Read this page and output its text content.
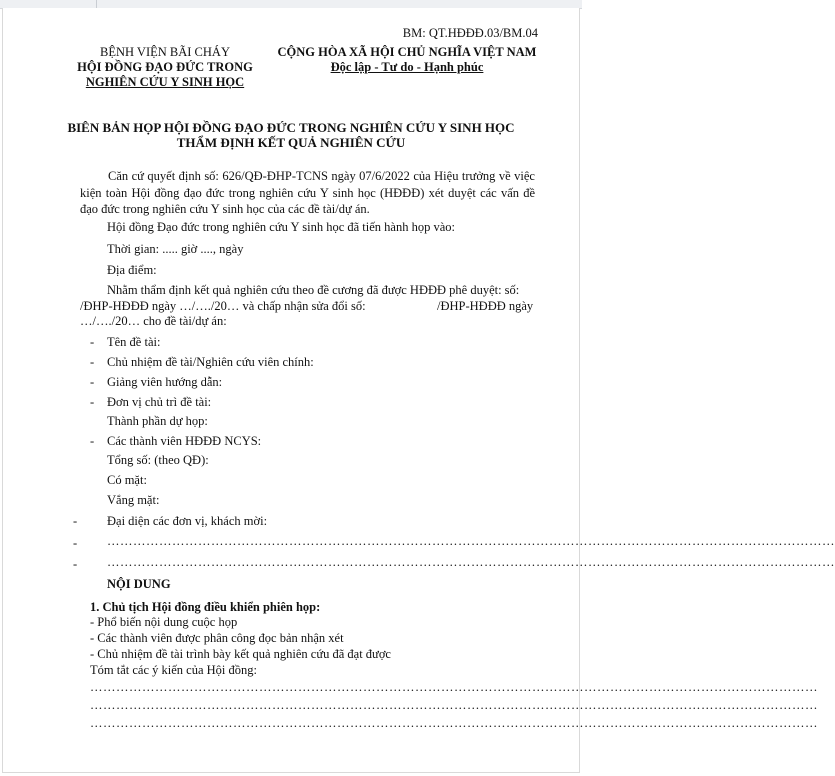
BM: QT.HĐĐĐ.03/BM.04
BỆNH VIỆN BÃI CHÁY
HỘI ĐỒNG ĐẠO ĐỨC TRONG
NGHIÊN CỨU Y SINH HỌC
CỘNG HÒA XÃ HỘI CHỦ NGHĨA VIỆT NAM
Độc lập - Tư do - Hạnh phúc
BIÊN BẢN HỌP HỘI ĐỒNG ĐẠO ĐỨC TRONG NGHIÊN CỨU Y SINH HỌC
THẨM ĐỊNH KẾT QUẢ NGHIÊN CỨU
Căn cứ quyết định số: 626/QĐ-ĐHP-TCNS ngày 07/6/2022 của Hiệu trưởng về việc kiện toàn Hội đồng đạo đức trong nghiên cứu Y sinh học (HĐĐĐ) xét duyệt các vấn đề đạo đức trong nghiên cứu Y sinh học của các đề tài/dự án.
Hội đồng Đạo đức trong nghiên cứu Y sinh học đã tiến hành họp vào:
Thời gian: ..... giờ ...., ngày
Địa điểm:
Nhằm thẩm định kết quả nghiên cứu theo đề cương đã được HĐĐĐ phê duyệt: số:
/ĐHP-HĐĐĐ ngày …/…./20… và chấp nhận sửa đổi số:	/ĐHP-HĐĐĐ ngày
…/…./20… cho đề tài/dự án:
- Tên đề tài:
- Chủ nhiệm đề tài/Nghiên cứu viên chính:
- Giảng viên hướng dẫn:
- Đơn vị chủ trì đề tài:
Thành phần dự họp:
- Các thành viên HĐĐĐ NCYS:
Tổng số: (theo QĐ):
Có mặt:
Vắng mặt:
- Đại diện các đơn vị, khách mời:
- ……………………………………………………………………………………………………………………………………………………
- ……………………………………………………………………………………………………………………………………………………
NỘI DUNG
1. Chủ tịch Hội đồng điều khiển phiên họp:
- Phổ biến nội dung cuộc họp
- Các thành viên được phân công đọc bản nhận xét
- Chủ nhiệm đề tài trình bày kết quả nghiên cứu đã đạt được
Tóm tắt các ý kiến của Hội đồng:
……………………………………………………………………………………………………………………………………………………
……………………………………………………………………………………………………………………………………………………
……………………………………………………………………………………………………………………………………………………
